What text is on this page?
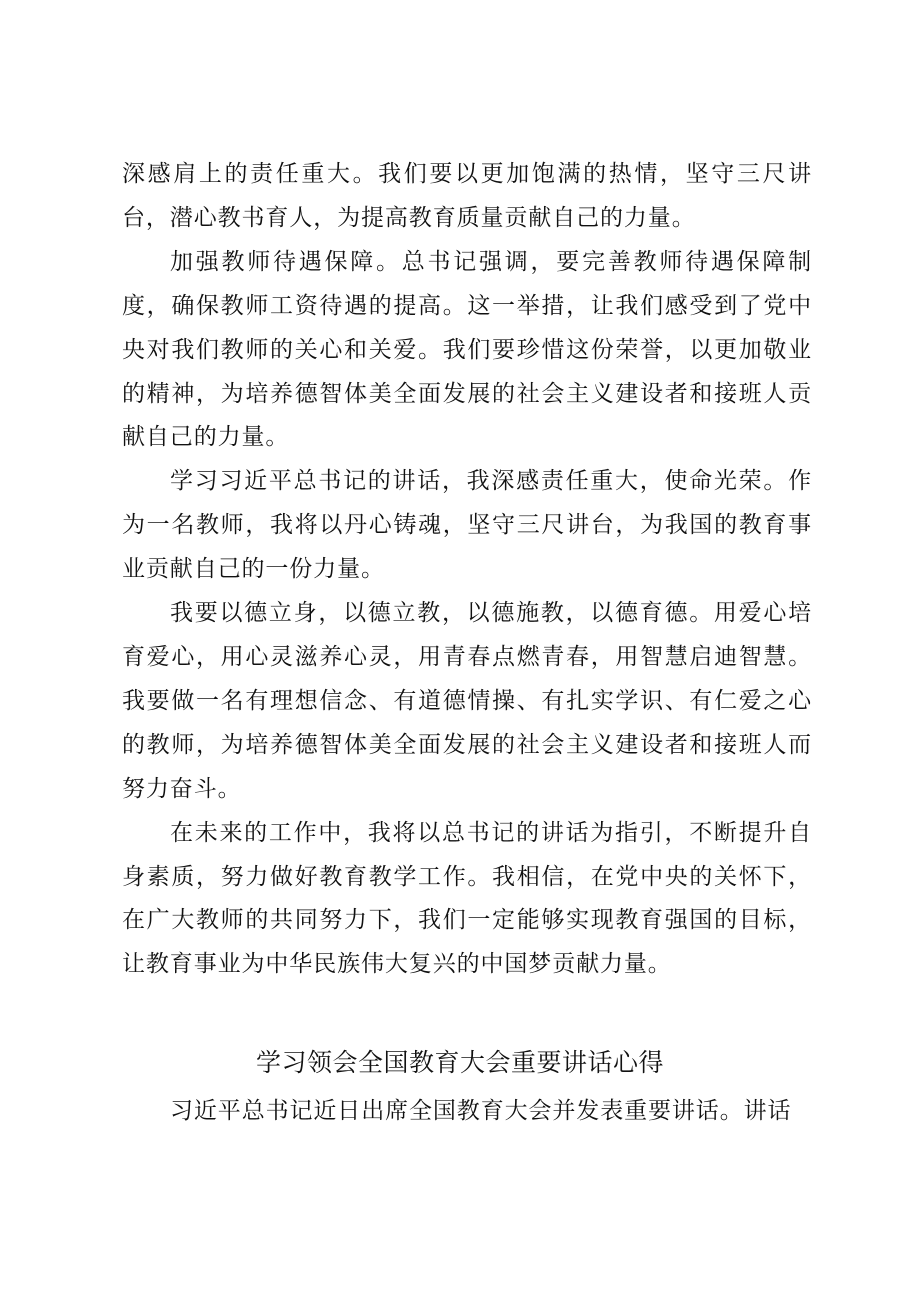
深感肩上的责任重大。我们要以更加饱满的热情，坚守三尺讲台，潜心教书育人，为提高教育质量贡献自己的力量。

加强教师待遇保障。总书记强调，要完善教师待遇保障制度，确保教师工资待遇的提高。这一举措，让我们感受到了党中央对我们教师的关心和关爱。我们要珍惜这份荣誉，以更加敬业的精神，为培养德智体美全面发展的社会主义建设者和接班人贡献自己的力量。

学习习近平总书记的讲话，我深感责任重大，使命光荣。作为一名教师，我将以丹心铸魂，坚守三尺讲台，为我国的教育事业贡献自己的一份力量。

我要以德立身，以德立教，以德施教，以德育德。用爱心培育爱心，用心灵滋养心灵，用青春点燃青春，用智慧启迪智慧。我要做一名有理想信念、有道德情操、有扎实学识、有仁爱之心的教师，为培养德智体美全面发展的社会主义建设者和接班人而努力奋斗。

在未来的工作中，我将以总书记的讲话为指引，不断提升自身素质，努力做好教育教学工作。我相信，在党中央的关怀下，在广大教师的共同努力下，我们一定能够实现教育强国的目标，让教育事业为中华民族伟大复兴的中国梦贡献力量。

学习领会全国教育大会重要讲话心得

习近平总书记近日出席全国教育大会并发表重要讲话。讲话
